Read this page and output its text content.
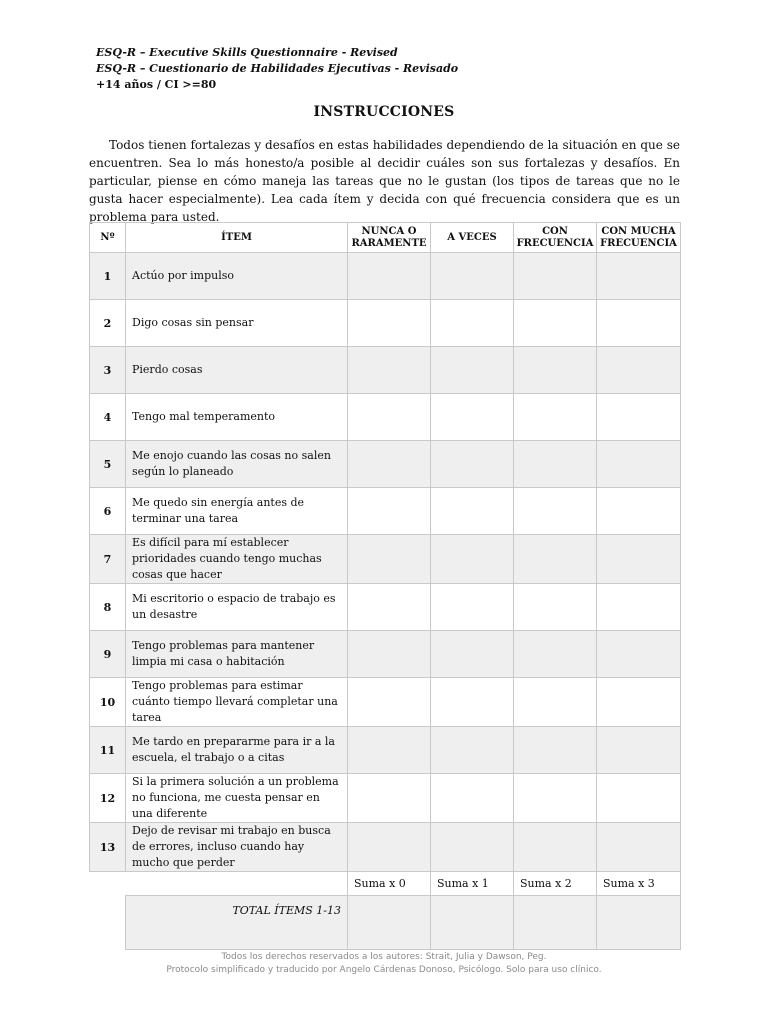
ESQ-R – Executive Skills Questionnaire - Revised
ESQ-R – Cuestionario de Habilidades Ejecutivas - Revisado
+14 años / CI >=80
INSTRUCCIONES
Todos tienen fortalezas y desafíos en estas habilidades dependiendo de la situación en que se encuentren. Sea lo más honesto/a posible al decidir cuáles son sus fortalezas y desafíos. En particular, piense en cómo maneja las tareas que no le gustan (los tipos de tareas que no le gusta hacer especialmente). Lea cada ítem y decida con qué frecuencia considera que es un problema para usted.
Nº	ÍTEM	NUNCA O RARAMENTE	A VECES	CON FRECUENCIA	CON MUCHA FRECUENCIA
1	Actúo por impulso				
2	Digo cosas sin pensar				
3	Pierdo cosas				
4	Tengo mal temperamento				
5	Me enojo cuando las cosas no salen según lo planeado				
6	Me quedo sin energía antes de terminar una tarea				
7	Es difícil para mí establecer prioridades cuando tengo muchas cosas que hacer				
8	Mi escritorio o espacio de trabajo es un desastre				
9	Tengo problemas para mantener limpia mi casa o habitación				
10	Tengo problemas para estimar cuánto tiempo llevará completar una tarea				
11	Me tardo en prepararme para ir a la escuela, el trabajo o a citas				
12	Si la primera solución a un problema no funciona, me cuesta pensar en una diferente				
13	Dejo de revisar mi trabajo en busca de errores, incluso cuando hay mucho que perder				
		Suma x 0	Suma x 1	Suma x 2	Suma x 3
	TOTAL ÍTEMS 1-13				
Todos los derechos reservados a los autores: Strait, Julia y Dawson, Peg.
Protocolo simplificado y traducido por Angelo Cárdenas Donoso, Psicólogo. Solo para uso clínico.
